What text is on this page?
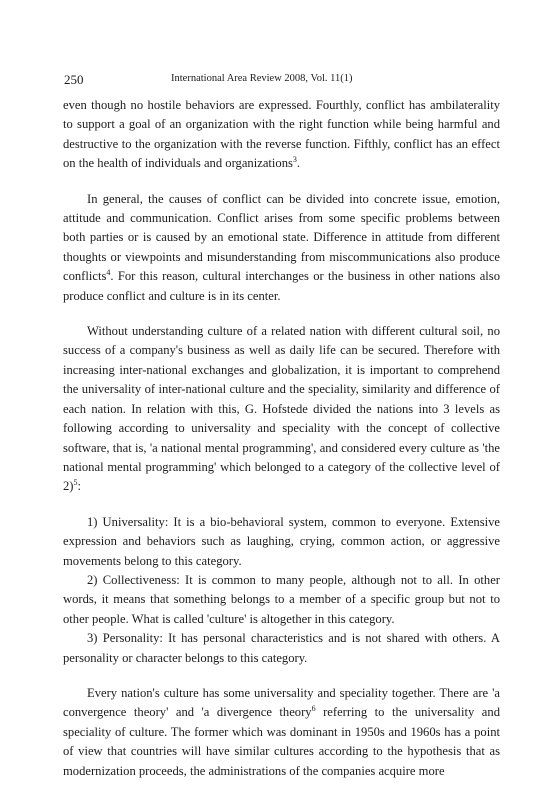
250	International Area Review 2008, Vol. 11(1)

even though no hostile behaviors are expressed. Fourthly, conflict has ambilaterality to support a goal of an organization with the right function while being harmful and destructive to the organization with the reverse function. Fifthly, conflict has an effect on the health of individuals and organizations$^3$.

In general, the causes of conflict can be divided into concrete issue, emotion, attitude and communication. Conflict arises from some specific problems between both parties or is caused by an emotional state. Difference in attitude from different thoughts or viewpoints and misunderstanding from miscommunications also produce conflicts$^4$. For this reason, cultural interchanges or the business in other nations also produce conflict and culture is in its center.

Without understanding culture of a related nation with different cultural soil, no success of a company's business as well as daily life can be secured. Therefore with increasing inter-national exchanges and globalization, it is important to comprehend the universality of inter-national culture and the speciality, similarity and difference of each nation. In relation with this, G. Hofstede divided the nations into 3 levels as following according to universality and speciality with the concept of collective software, that is, 'a national mental programming', and considered every culture as 'the national mental programming' which belonged to a category of the collective level of 2)$^5$:

1) Universality: It is a bio-behavioral system, common to everyone. Extensive expression and behaviors such as laughing, crying, common action, or aggressive movements belong to this category.

2) Collectiveness: It is common to many people, although not to all. In other words, it means that something belongs to a member of a specific group but not to other people. What is called 'culture' is altogether in this category.

3) Personality: It has personal characteristics and is not shared with others. A personality or character belongs to this category.

Every nation's culture has some universality and speciality together. There are 'a convergence theory' and 'a divergence theory$^6$ referring to the universality and speciality of culture. The former which was dominant in 1950s and 1960s has a point of view that countries will have similar cultures according to the hypothesis that as modernization proceeds, the administrations of the companies acquire more
